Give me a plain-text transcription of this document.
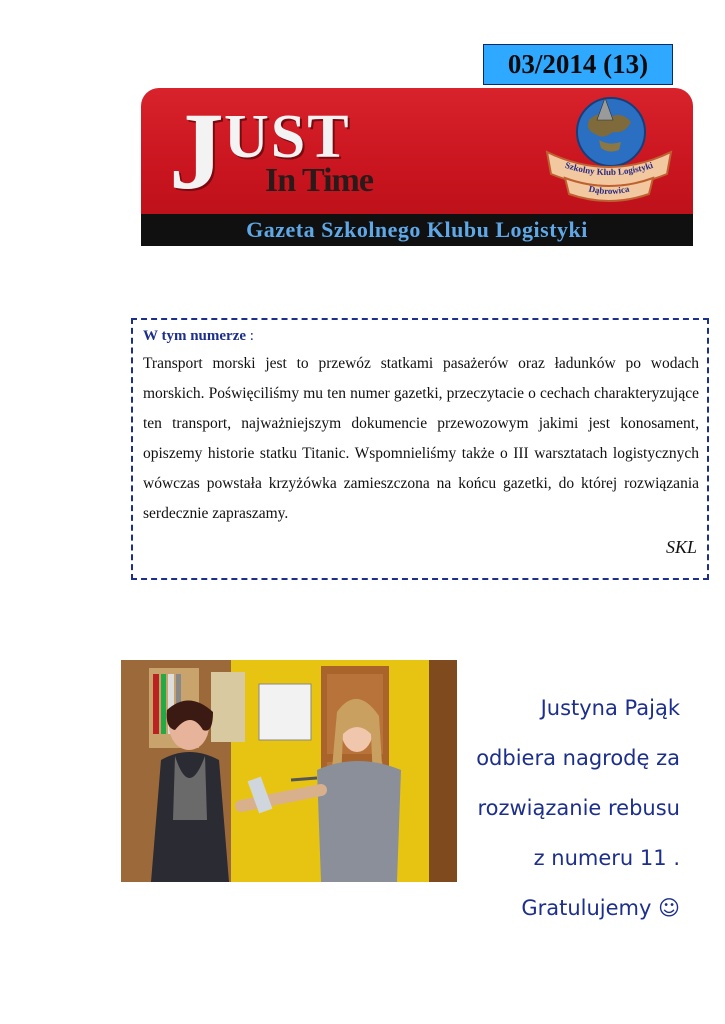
03/2014 (13)
J UST
In Time	Szkolny Klub Logistyki
Dąbrowica
Gazeta Szkolnego Klubu Logistyki
W tym numerze :

Transport morski jest to przewóz statkami pasażerów oraz ładunków po wodach morskich. Poświęciliśmy mu ten numer gazetki, przeczytacie o cechach charakteryzujące ten transport, najważniejszym dokumencie przewozowym jakimi jest konosament, opiszemy historie statku Titanic. Wspomnieliśmy także o III warsztatach logistycznych wówczas powstała krzyżówka zamieszczona na końcu gazetki, do której rozwiązania serdecznie zapraszamy.

SKL
Justyna Pająk
odbiera nagrodę za
rozwiązanie rebusu
z numeru 11 .
Gratulujemy ☺
